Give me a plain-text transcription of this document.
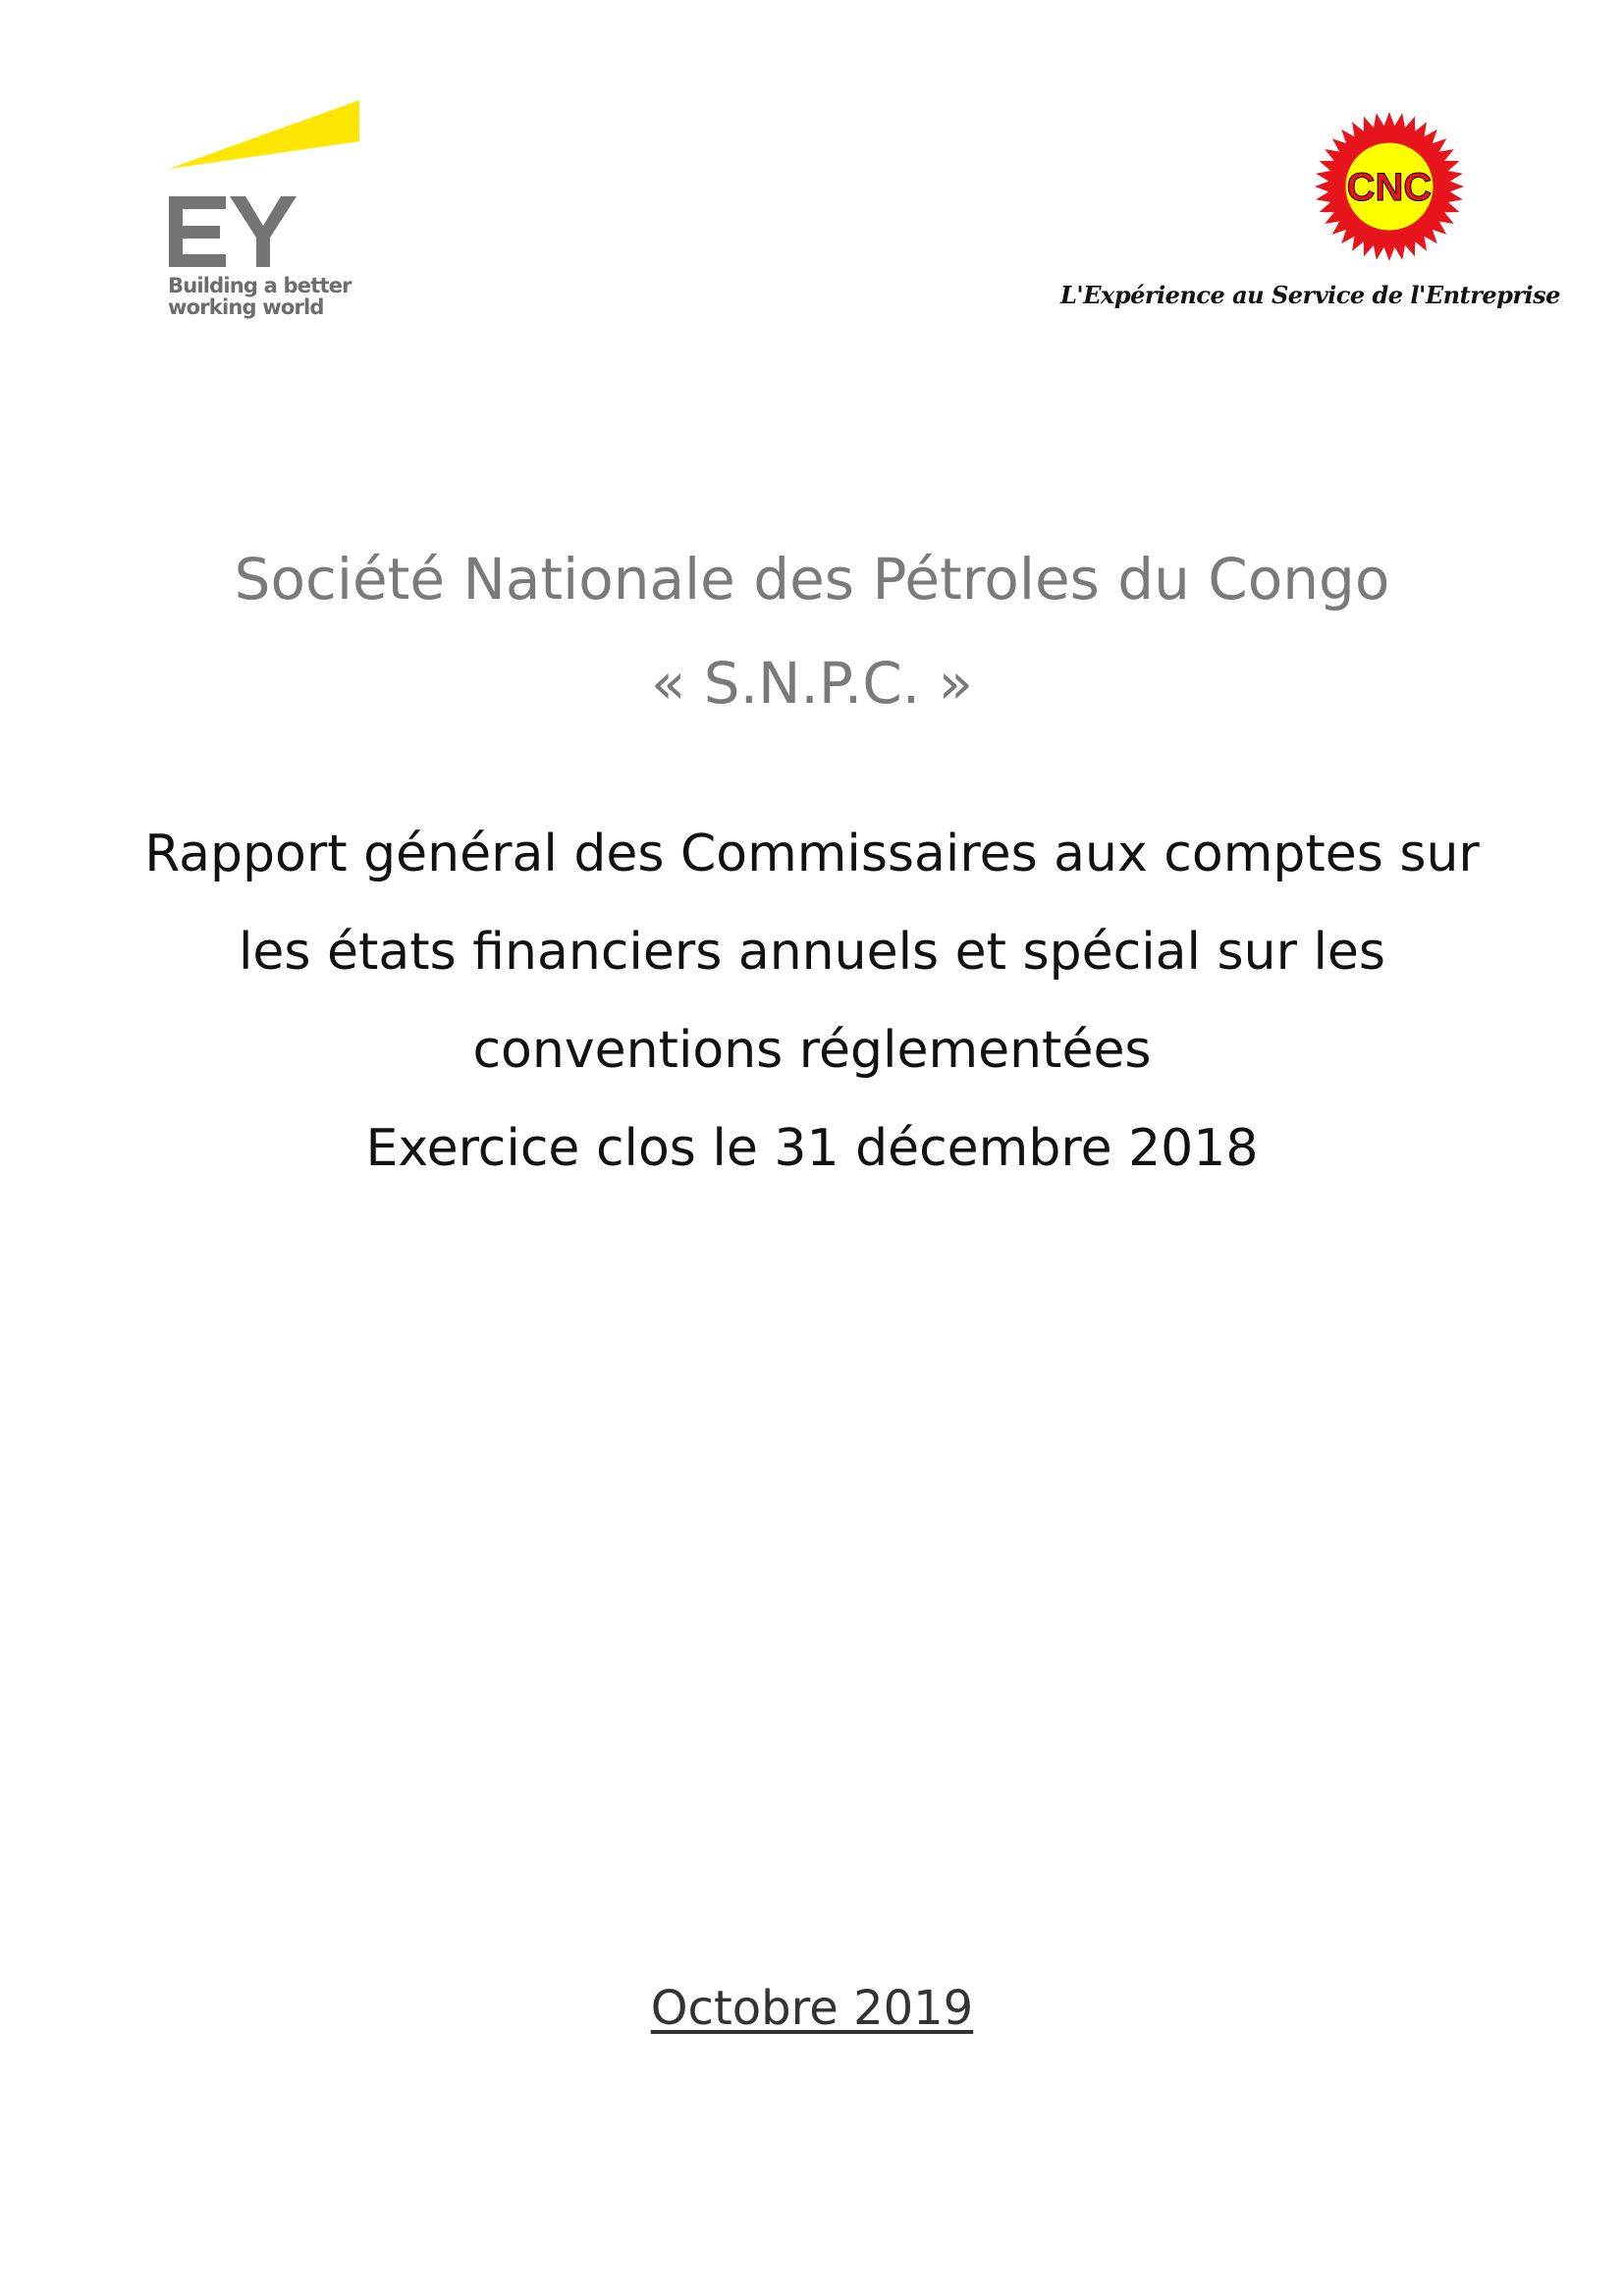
Building a better
working world
CNC
L'Expérience au Service de l'Entreprise
Société Nationale des Pétroles du Congo
« S.N.P.C. »
Rapport général des Commissaires aux comptes sur
les états financiers annuels et spécial sur les
conventions réglementées
Exercice clos le 31 décembre 2018
Octobre 2019
